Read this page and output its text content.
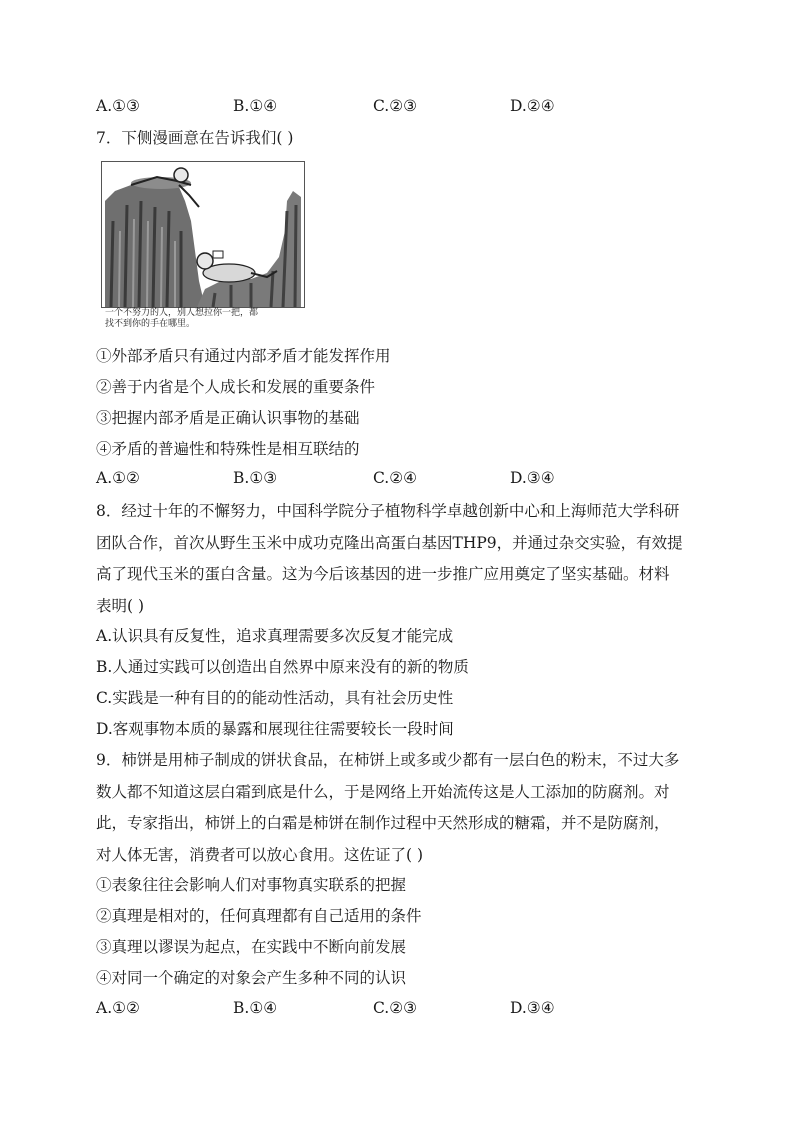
A.①③	B.①④	C.②③	D.②④
7．下侧漫画意在告诉我们( )
一个不努力的人，别人想拉你一把，都
找不到你的手在哪里。
①外部矛盾只有通过内部矛盾才能发挥作用
②善于内省是个人成长和发展的重要条件
③把握内部矛盾是正确认识事物的基础
④矛盾的普遍性和特殊性是相互联结的
A.①②	B.①③	C.②④	D.③④
8．经过十年的不懈努力，中国科学院分子植物科学卓越创新中心和上海师范大学科研
团队合作，首次从野生玉米中成功克隆出高蛋白基因THP9，并通过杂交实验，有效提
高了现代玉米的蛋白含量。这为今后该基因的进一步推广应用奠定了坚实基础。材料
表明( )
A.认识具有反复性，追求真理需要多次反复才能完成
B.人通过实践可以创造出自然界中原来没有的新的物质
C.实践是一种有目的的能动性活动，具有社会历史性
D.客观事物本质的暴露和展现往往需要较长一段时间
9．柿饼是用柿子制成的饼状食品，在柿饼上或多或少都有一层白色的粉末，不过大多
数人都不知道这层白霜到底是什么，于是网络上开始流传这是人工添加的防腐剂。对
此，专家指出，柿饼上的白霜是柿饼在制作过程中天然形成的糖霜，并不是防腐剂，
对人体无害，消费者可以放心食用。这佐证了( )
①表象往往会影响人们对事物真实联系的把握
②真理是相对的，任何真理都有自己适用的条件
③真理以谬误为起点，在实践中不断向前发展
④对同一个确定的对象会产生多种不同的认识
A.①②	B.①④	C.②③	D.③④
